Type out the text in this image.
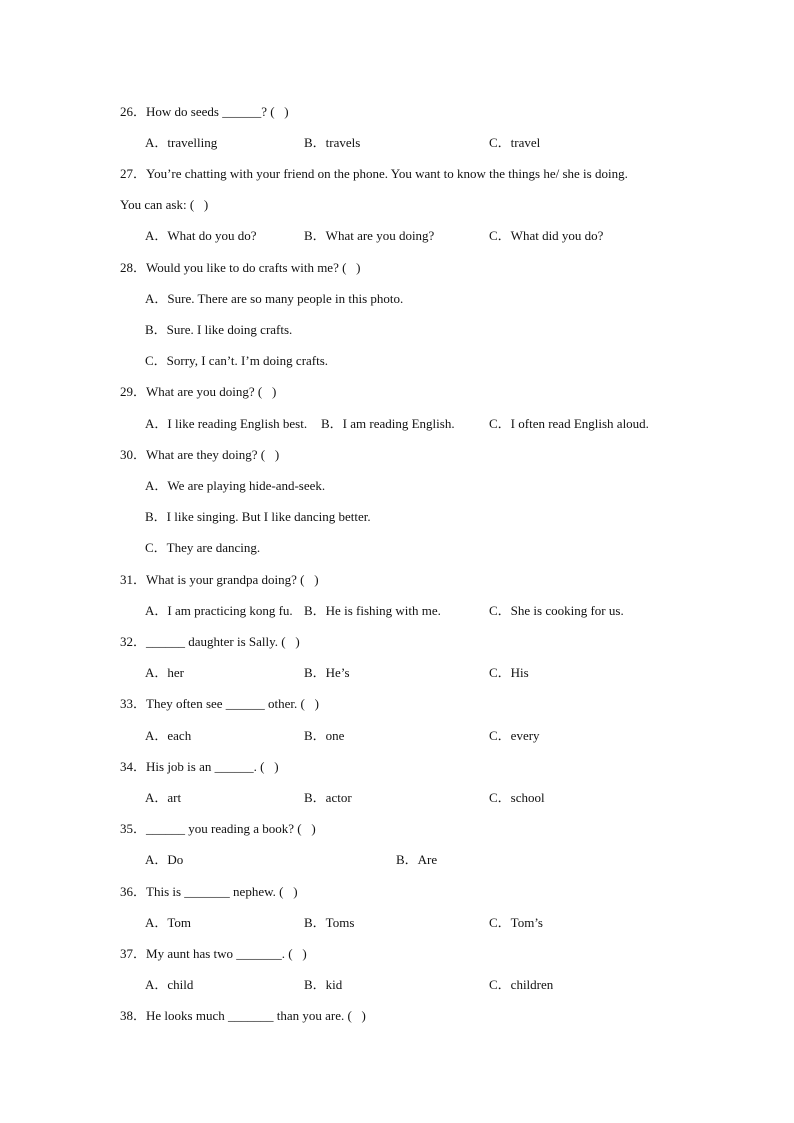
26．How do seeds ______? (   )
A．travelling	B．travels	C．travel
27．You’re chatting with your friend on the phone. You want to know the things he/ she is doing.
You can ask: (   )
A．What do you do?	B．What are you doing?	C．What did you do?
28．Would you like to do crafts with me? (   )
A．Sure. There are so many people in this photo.
B．Sure. I like doing crafts.
C．Sorry, I can’t. I’m doing crafts.
29．What are you doing? (   )
A．I like reading English best. B．I am reading English.	C．I often read English aloud.
30．What are they doing? (   )
A．We are playing hide-and-seek.
B．I like singing. But I like dancing better.
C．They are dancing.
31．What is your grandpa doing? (   )
A．I am practicing kong fu. B．He is fishing with me.	C．She is cooking for us.
32．______ daughter is Sally. (   )
A．her	B．He’s	C．His
33．They often see ______ other. (   )
A．each	B．one	C．every
34．His job is an ______. (   )
A．art	B．actor	C．school
35．______ you reading a book? (   )
A．Do	B．Are
36．This is _______ nephew. (   )
A．Tom	B．Toms	C．Tom’s
37．My aunt has two _______. (   )
A．child	B．kid	C．children
38．He looks much _______ than you are. (   )
